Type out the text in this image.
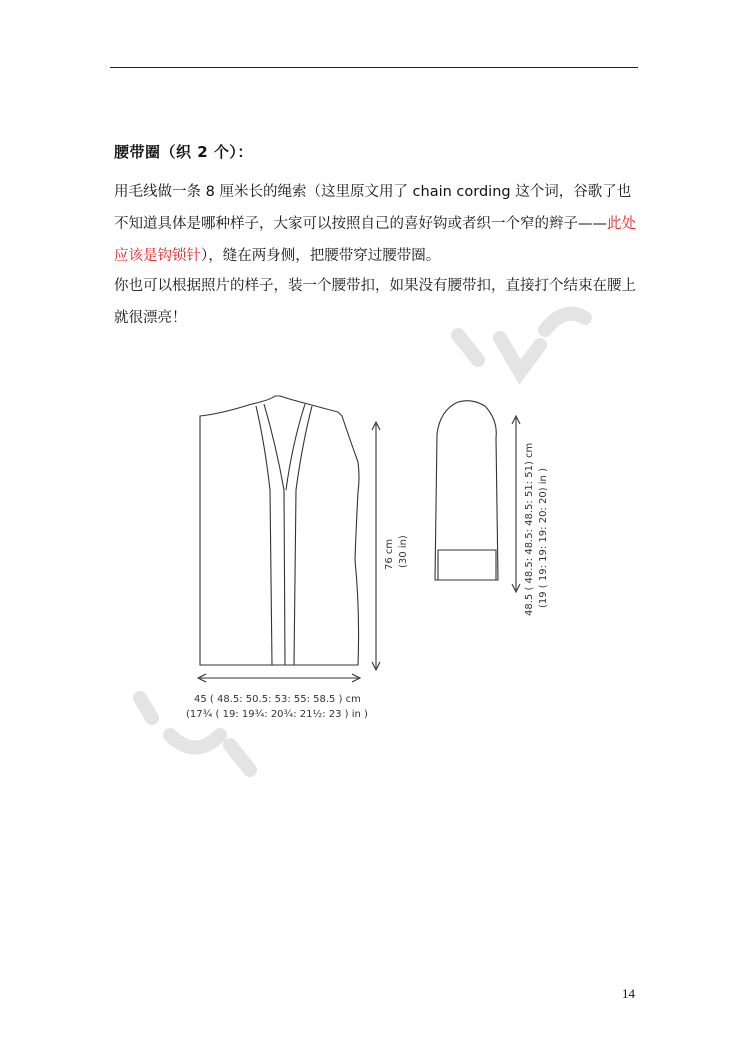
腰带圈（织 2 个）：
用毛线做一条 8 厘米长的绳索（这里原文用了 chain cording 这个词，谷歌了也不知道具体是哪种样子，大家可以按照自己的喜好钩或者织一个窄的辫子——此处应该是钩锁针），缝在两身侧，把腰带穿过腰带圈。
你也可以根据照片的样子，装一个腰带扣，如果没有腰带扣，直接打个结束在腰上就很漂亮！
76 cm (30 in)
45 ( 48.5: 50.5: 53: 55: 58.5 ) cm
(17¾ ( 19: 19¾: 20¾: 21½: 23 ) in )
48.5 ( 48.5: 48.5: 48.5: 51: 51) cm (19 ( 19: 19: 19: 20: 20) in )
14
